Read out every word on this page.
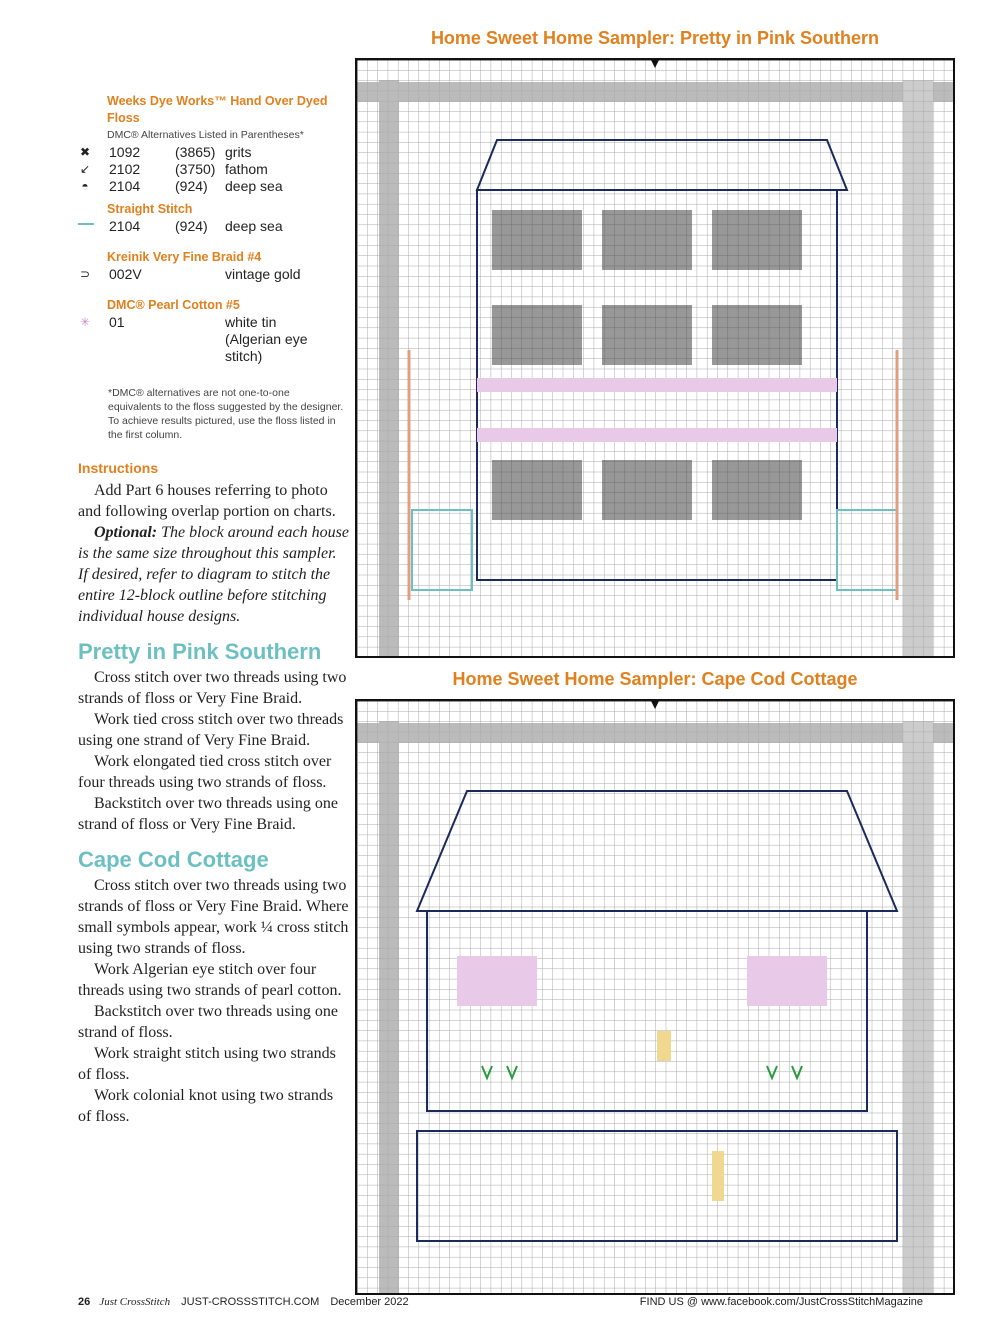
Weeks Dye Works™ Hand Over Dyed Floss
DMC® Alternatives Listed in Parentheses*
✖ 1092 (3865) grits
↙ 2102 (3750) fathom
◓ 2104 (924) deep sea
Straight Stitch
2104 (924) deep sea
Kreinik Very Fine Braid #4
⊃ 002V	vintage gold
DMC® Pearl Cotton #5
✳ 01	white tin
(Algerian eye
stitch)
*DMC® alternatives are not one-to-one equivalents to the floss suggested by the designer. To achieve results pictured, use the floss listed in the first column.
Instructions

Add Part 6 houses referring to photo and following overlap portion on charts.

Optional: The block around each house is the same size throughout this sampler. If desired, refer to diagram to stitch the entire 12-block outline before stitching individual house designs.

Pretty in Pink Southern

Cross stitch over two threads using two strands of floss or Very Fine Braid.

Work tied cross stitch over two threads using one strand of Very Fine Braid.

Work elongated tied cross stitch over four threads using two strands of floss.

Backstitch over two threads using one strand of floss or Very Fine Braid.

Cape Cod Cottage

Cross stitch over two threads using two strands of floss or Very Fine Braid. Where small symbols appear, work ¼ cross stitch using two strands of floss.

Work Algerian eye stitch over four threads using two strands of pearl cotton.

Backstitch over two threads using one strand of floss.

Work straight stitch using two strands of floss.

Work colonial knot using two strands of floss.

Home Sweet Home Sampler: Pretty in Pink Southern
Home Sweet Home Sampler: Cape Cod Cottage
26 Just CrossStitch JUST-CROSSSTITCH.COM December 2022	FIND US @ www.facebook.com/JustCrossStitchMagazine
